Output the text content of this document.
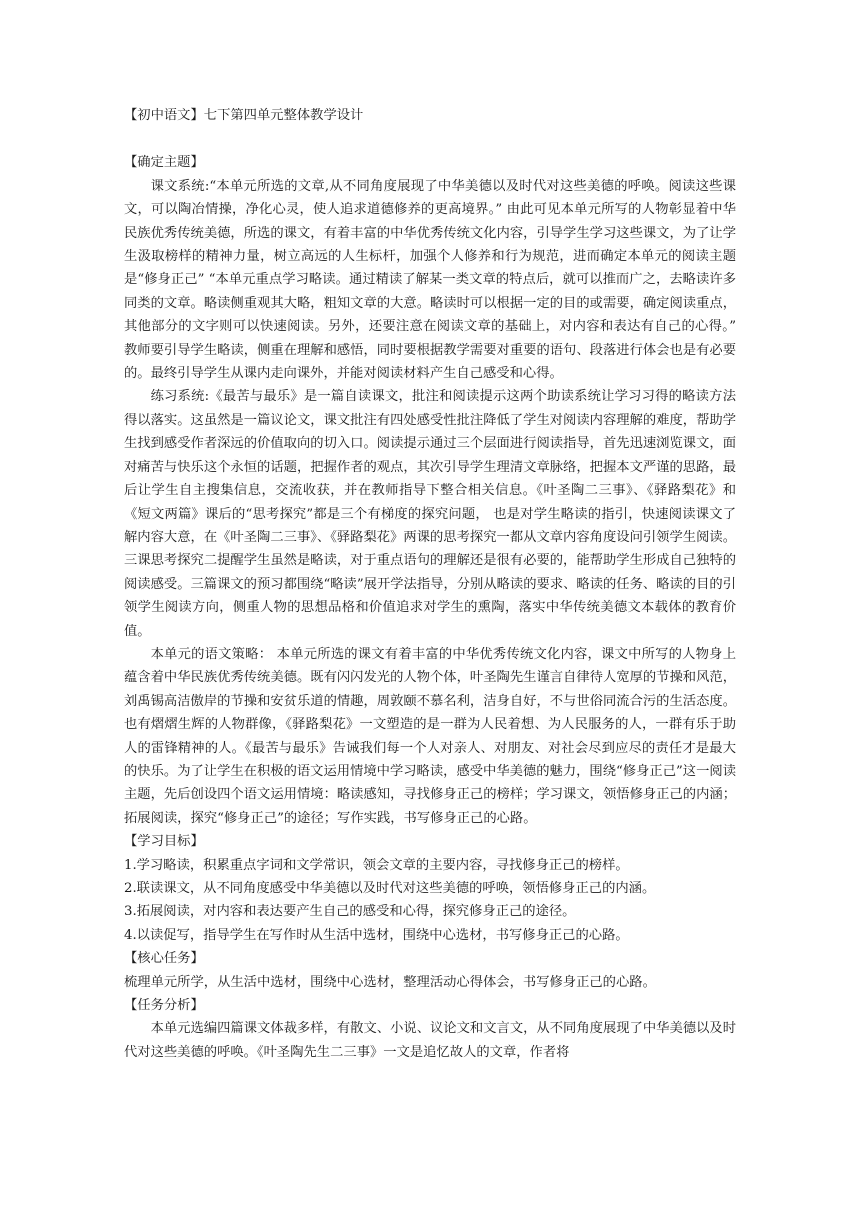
【初中语文】七下第四单元整体教学设计

【确定主题】

课文系统:“本单元所选的文章,从不同角度展现了中华美德以及时代对这些美德的呼唤。阅读这些课文，可以陶冶情操，净化心灵，使人追求道德修养的更高境界。” 由此可见本单元所写的人物彰显着中华民族优秀传统美德，所选的课文，有着丰富的中华优秀传统文化内容，引导学生学习这些课文，为了让学生汲取榜样的精神力量，树立高远的人生标杆，加强个人修养和行为规范，进而确定本单元的阅读主题是“修身正己” “本单元重点学习略读。通过精读了解某一类文章的特点后，就可以推而广之，去略读许多同类的文章。略读侧重观其大略，粗知文章的大意。略读时可以根据一定的目的或需要，确定阅读重点，其他部分的文字则可以快速阅读。另外，还要注意在阅读文章的基础上，对内容和表达有自己的心得。” 教师要引导学生略读，侧重在理解和感悟，同时要根据教学需要对重要的语句、段落进行体会也是有必要的。最终引导学生从课内走向课外，并能对阅读材料产生自己感受和心得。

练习系统:《最苦与最乐》是一篇自读课文，批注和阅读提示这两个助读系统让学习习得的略读方法得以落实。这虽然是一篇议论文，课文批注有四处感受性批注降低了学生对阅读内容理解的难度，帮助学生找到感受作者深远的价值取向的切入口。阅读提示通过三个层面进行阅读指导，首先迅速浏览课文，面对痛苦与快乐这个永恒的话题，把握作者的观点，其次引导学生理清文章脉络，把握本文严谨的思路，最后让学生自主搜集信息，交流收获，并在教师指导下整合相关信息。《叶圣陶二三事》、《驿路梨花》和《短文两篇》课后的“思考探究”都是三个有梯度的探究问题， 也是对学生略读的指引，快速阅读课文了解内容大意，在《叶圣陶二三事》、《驿路梨花》两课的思考探究一都从文章内容角度设问引领学生阅读。三课思考探究二提醒学生虽然是略读，对于重点语句的理解还是很有必要的，能帮助学生形成自己独特的阅读感受。三篇课文的预习都围绕“略读”展开学法指导，分别从略读的要求、略读的任务、略读的目的引领学生阅读方向，侧重人物的思想品格和价值追求对学生的熏陶，落实中华传统美德文本载体的教育价值。

本单元的语文策略： 本单元所选的课文有着丰富的中华优秀传统文化内容，课文中所写的人物身上蕴含着中华民族优秀传统美德。既有闪闪发光的人物个体，叶圣陶先生谨言自律待人宽厚的节操和风范，刘禹锡高洁傲岸的节操和安贫乐道的情趣，周敦颐不慕名利，洁身自好，不与世俗同流合污的生活态度。也有熠熠生辉的人物群像，《驿路梨花》一文塑造的是一群为人民着想、为人民服务的人，一群有乐于助人的雷锋精神的人。《最苦与最乐》告诫我们每一个人对亲人、对朋友、对社会尽到应尽的责任才是最大的快乐。为了让学生在积极的语文运用情境中学习略读，感受中华美德的魅力，围绕“修身正己”这一阅读主题，先后创设四个语文运用情境：略读感知，寻找修身正己的榜样；学习课文，领悟修身正己的内涵；拓展阅读，探究“修身正己”的途径；写作实践，书写修身正己的心路。

【学习目标】

1.学习略读，积累重点字词和文学常识，领会文章的主要内容，寻找修身正己的榜样。

2.联读课文，从不同角度感受中华美德以及时代对这些美德的呼唤，领悟修身正己的内涵。

3.拓展阅读，对内容和表达要产生自己的感受和心得，探究修身正己的途径。

4.以读促写，指导学生在写作时从生活中选材，围绕中心选材，书写修身正己的心路。

【核心任务】

梳理单元所学，从生活中选材，围绕中心选材，整理活动心得体会，书写修身正己的心路。

【任务分析】

本单元选编四篇课文体裁多样，有散文、小说、议论文和文言文，从不同角度展现了中华美德以及时代对这些美德的呼唤。《叶圣陶先生二三事》一文是追忆故人的文章，作者将
